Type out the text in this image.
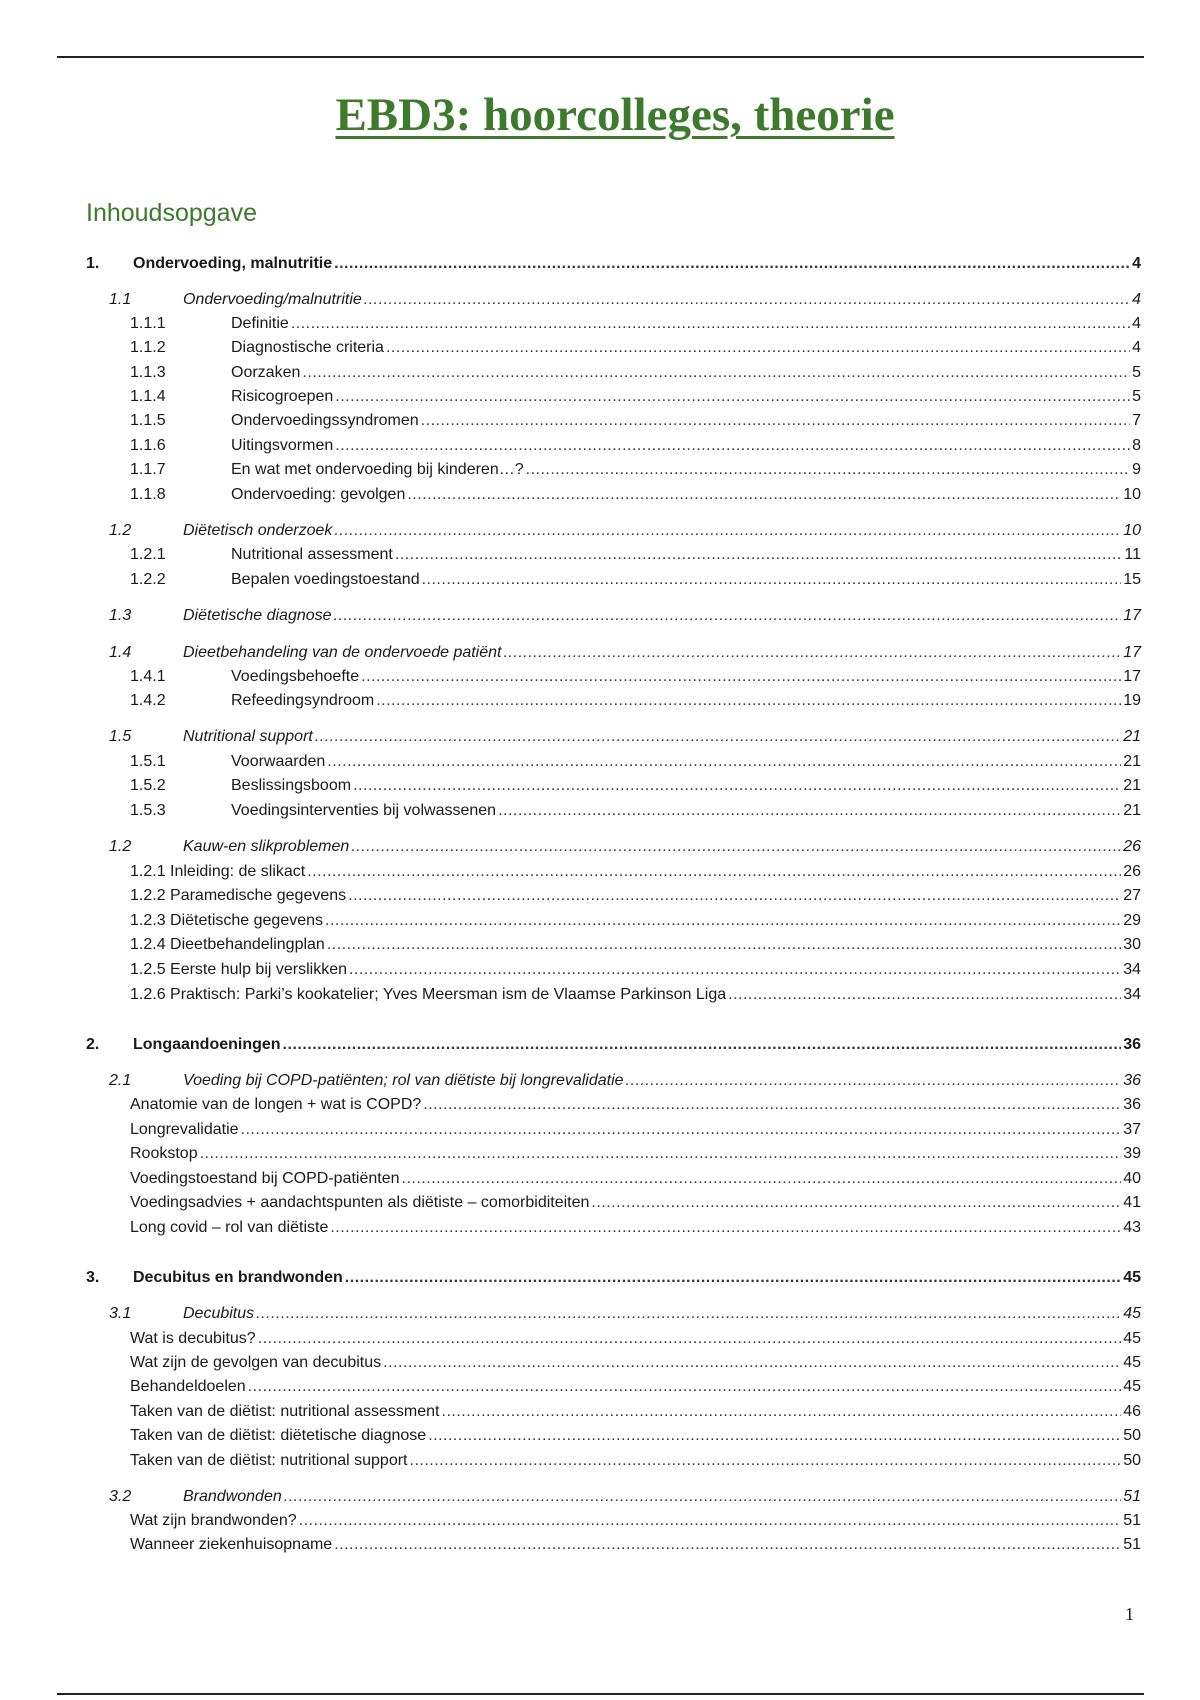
EBD3: hoorcolleges, theorie
Inhoudsopgave
1.	Ondervoeding, malnutritie .....	4
1.1	Ondervoeding/malnutritie .....	4
1.1.1	Definitie .....	4
1.1.2	Diagnostische criteria .....	4
1.1.3	Oorzaken .....	5
1.1.4	Risicogroepen .....	5
1.1.5	Ondervoedingssyndromen .....	7
1.1.6	Uitingsvormen .....	8
1.1.7	En wat met ondervoeding bij kinderen…? .....	9
1.1.8	Ondervoeding: gevolgen .....	10
1.2	Diëtetisch onderzoek .....	10
1.2.1	Nutritional assessment .....	11
1.2.2	Bepalen voedingstoestand .....	15
1.3	Diëtetische diagnose .....	17
1.4	Dieetbehandeling van de ondervoede patiënt .....	17
1.4.1	Voedingsbehoefte .....	17
1.4.2	Refeedingsyndroom .....	19
1.5	Nutritional support .....	21
1.5.1	Voorwaarden .....	21
1.5.2	Beslissingsboom .....	21
1.5.3	Voedingsinterventies bij volwassenen .....	21
1.2	Kauw-en slikproblemen .....	26
1.2.1 Inleiding: de slikact .....	26
1.2.2 Paramedische gegevens .....	27
1.2.3 Diëtetische gegevens .....	29
1.2.4 Dieetbehandelingplan .....	30
1.2.5 Eerste hulp bij verslikken .....	34
1.2.6 Praktisch: Parki’s kookatelier; Yves Meersman ism de Vlaamse Parkinson Liga .....	34
2.	Longaandoeningen .....	36
2.1	Voeding bij COPD-patiënten; rol van diëtiste bij longrevalidatie .....	36
Anatomie van de longen + wat is COPD? .....	36
Longrevalidatie .....	37
Rookstop .....	39
Voedingstoestand bij COPD-patiënten .....	40
Voedingsadvies + aandachtspunten als diëtiste – comorbiditeiten .....	41
Long covid – rol van diëtiste .....	43
3.	Decubitus en brandwonden .....	45
3.1	Decubitus .....	45
Wat is decubitus? .....	45
Wat zijn de gevolgen van decubitus .....	45
Behandeldoelen .....	45
Taken van de diëtist: nutritional assessment .....	46
Taken van de diëtist: diëtetische diagnose .....	50
Taken van de diëtist: nutritional support .....	50
3.2	Brandwonden .....	51
Wat zijn brandwonden? .....	51
Wanneer ziekenhuisopname .....	51
1
